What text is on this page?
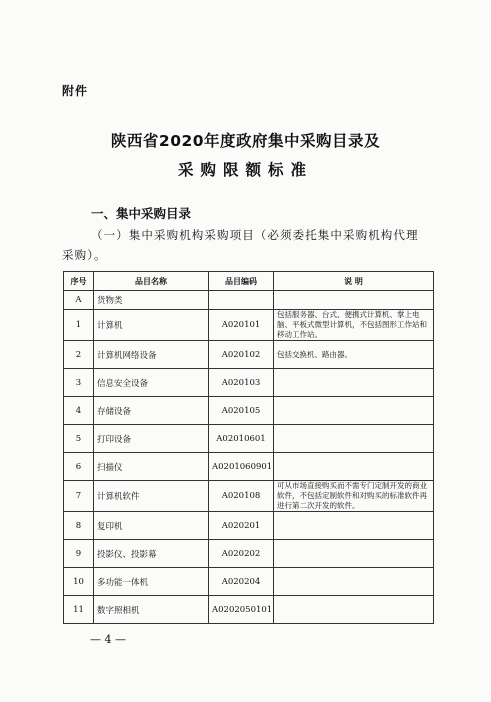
附件
陕西省2020年度政府集中采购目录及
采购限额标准
一、集中采购目录
（一）集中采购机构采购项目（必须委托集中采购机构代理
采购）。
序号	品目名称	品目编码	说 明
A	货物类		
1	计算机	A020101	包括服务器、台式、便携式计算机、掌上电脑、平板式微型计算机，不包括图形工作站和移动工作站。
2	计算机网络设备	A020102	包括交换机、路由器。
3	信息安全设备	A020103	
4	存储设备	A020105	
5	打印设备	A02010601	
6	扫描仪	A0201060901	
7	计算机软件	A020108	可从市场直接购买而不需专门定制开发的商业软件，不包括定制软件和对购买的标准软件再进行第二次开发的软件。
8	复印机	A020201	
9	投影仪、投影幕	A020202	
10	多功能一体机	A020204	
11	数字照相机	A0202050101	
— 4 —
